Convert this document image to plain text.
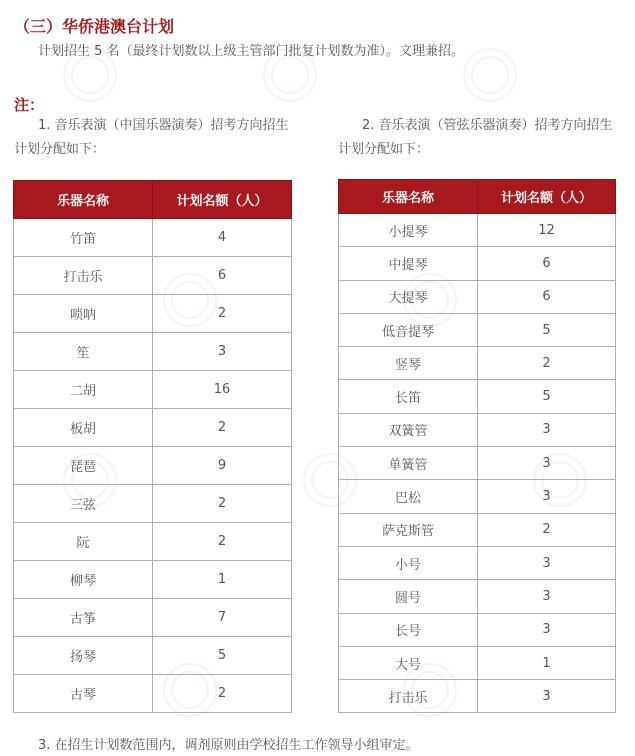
（三）华侨港澳台计划
计划招生 5 名（最终计划数以上级主管部门批复计划数为准）。文理兼招。
注：
1. 音乐表演（中国乐器演奏）招考方向招生
计划分配如下：
2. 音乐表演（管弦乐器演奏）招考方向招生
计划分配如下：
乐器名称	计划名额（人）
竹笛	4
打击乐	6
唢呐	2
笙	3
二胡	16
板胡	2
琵琶	9
三弦	2
阮	2
柳琴	1
古筝	7
扬琴	5
古琴	2
乐器名称	计划名额（人）
小提琴	12
中提琴	6
大提琴	6
低音提琴	5
竖琴	2
长笛	5
双簧管	3
单簧管	3
巴松	3
萨克斯管	2
小号	3
圆号	3
长号	3
大号	1
打击乐	3
3. 在招生计划数范围内，调剂原则由学校招生工作领导小组审定。
